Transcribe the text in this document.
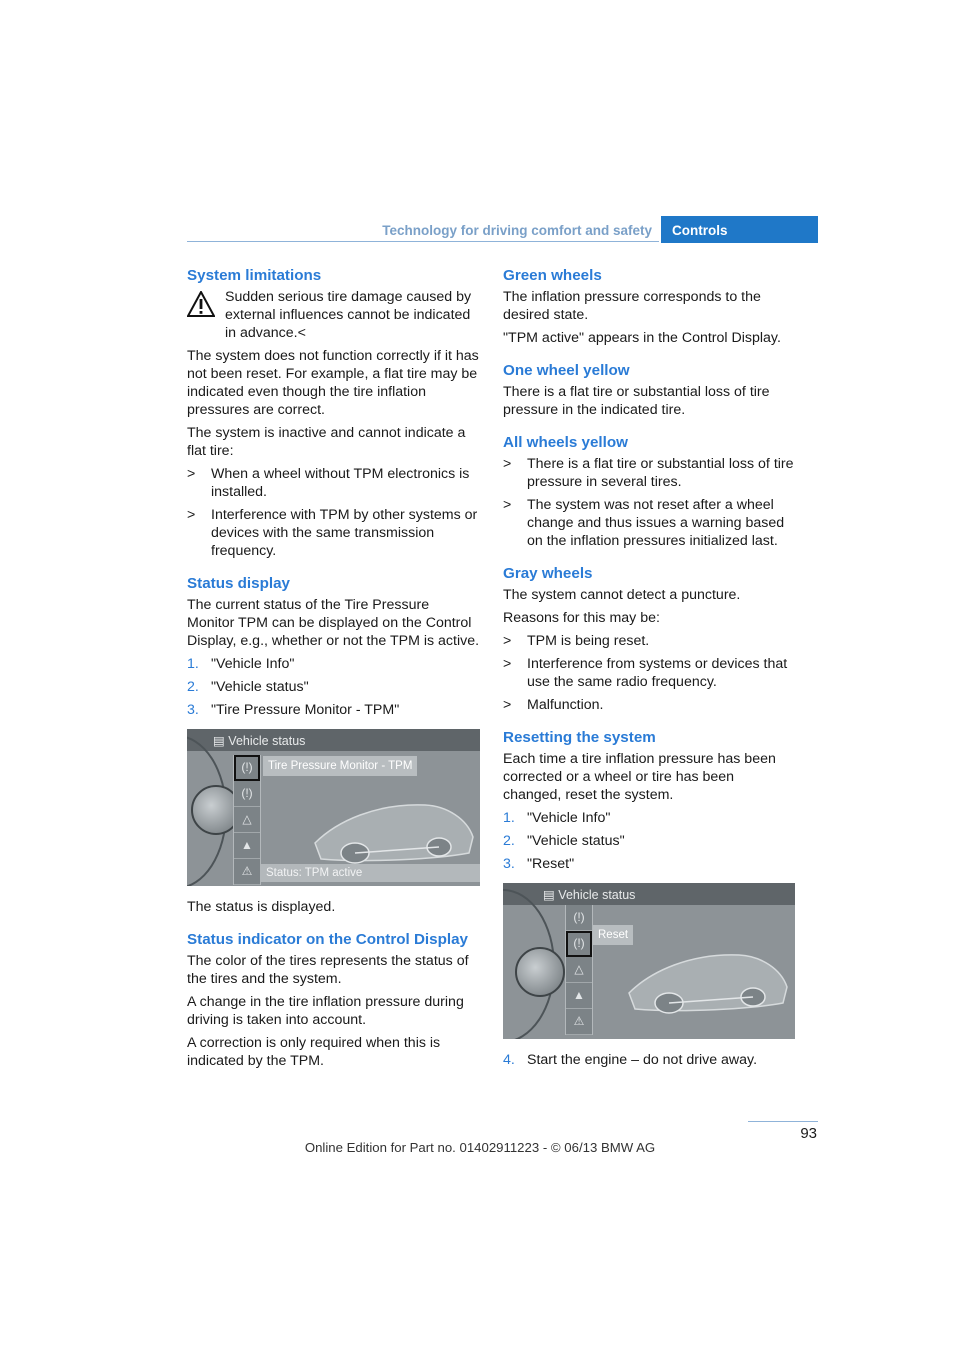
Technology for driving comfort and safety	Controls
System limitations
Sudden serious tire damage caused by external influences cannot be indicated in advance.<

The system does not function correctly if it has not been reset. For example, a flat tire may be indicated even though the tire inflation pressures are correct.

The system is inactive and cannot indicate a flat tire:

> When a wheel without TPM electronics is installed.
> Interference with TPM by other systems or devices with the same transmission frequency.
Status display

The current status of the Tire Pressure Monitor TPM can be displayed on the Control Display, e.g., whether or not the TPM is active.

1. "Vehicle Info"
2. "Vehicle status"
3. "Tire Pressure Monitor - TPM"
▤ Vehicle status
(!)
(!)
△
▲
⚠
Tire Pressure Monitor - TPM
Status: TPM active

The status is displayed.

Status indicator on the Control Display

The color of the tires represents the status of the tires and the system.

A change in the tire inflation pressure during driving is taken into account.

A correction is only required when this is indicated by the TPM.

Green wheels

The inflation pressure corresponds to the desired state.

"TPM active" appears in the Control Display.

One wheel yellow

There is a flat tire or substantial loss of tire pressure in the indicated tire.

All wheels yellow
> There is a flat tire or substantial loss of tire pressure in several tires.
> The system was not reset after a wheel change and thus issues a warning based on the inflation pressures initialized last.
Gray wheels

The system cannot detect a puncture.

Reasons for this may be:

> TPM is being reset.
> Interference from systems or devices that use the same radio frequency.
> Malfunction.
Resetting the system

Each time a tire inflation pressure has been corrected or a wheel or tire has been changed, reset the system.

1. "Vehicle Info"
2. "Vehicle status"
3. "Reset"
▤ Vehicle status
(!)
(!)
△
▲
⚠
Reset
4. Start the engine – do not drive away.
93
Online Edition for Part no. 01402911223 - © 06/13 BMW AG
